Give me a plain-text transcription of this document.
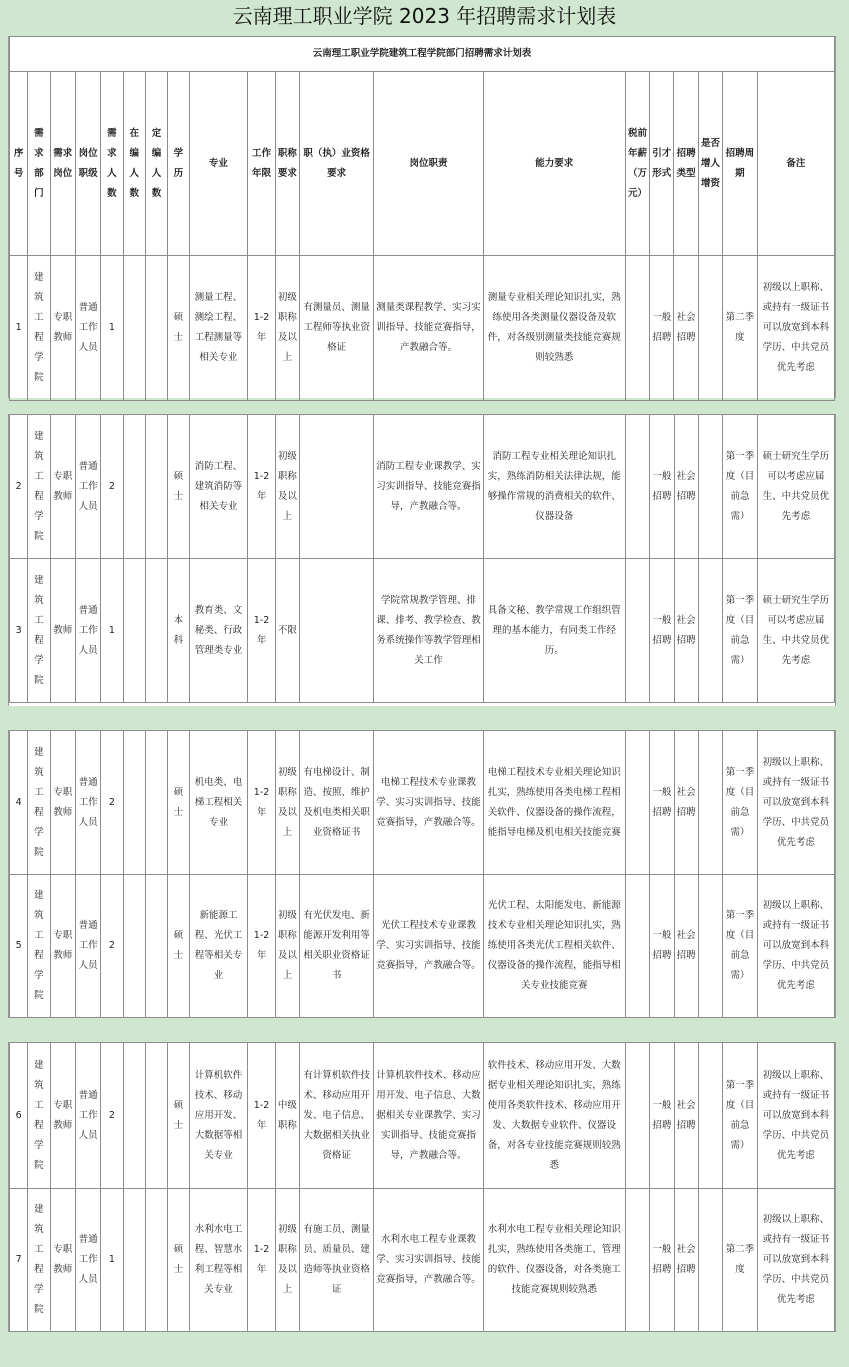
云南理工职业学院 2023 年招聘需求计划表
云南理工职业学院建筑工程学院部门招聘需求计划表																			
序号	需求部门	需求岗位	岗位职级	需求人数	在编人数	定编人数	学历	专业	工作年限	职称要求	职（执）业资格要求	岗位职责	能力要求	税前年薪（万元）	引才形式	招聘类型	是否增人增资	招聘周期	备注
1	建筑工程学院	专职教师	普通工作人员	1			硕士	测量工程、测绘工程、工程测量等相关专业	1-2年	初级职称及以上	有测量员、测量工程师等执业资格证	测量类课程教学、实习实训指导、技能竞赛指导，产教融合等。	测量专业相关理论知识扎实，熟练使用各类测量仪器设备及软件，对各级别测量类技能竞赛规则较熟悉		一般招聘	社会招聘		第二季度	初级以上职称、或持有一级证书可以放宽到本科学历、中共党员优先考虑
2	建筑工程学院	专职教师	普通工作人员	2			硕士	消防工程、建筑消防等相关专业	1-2年	初级职称及以上		消防工程专业课教学、实习实训指导、技能竞赛指导，产教融合等。	消防工程专业相关理论知识扎实，熟练消防相关法律法规，能够操作常规的消费相关的软件、仪器设备		一般招聘	社会招聘		第一季度（目前急需）	硕士研究生学历可以考虑应届生、中共党员优先考虑
3	建筑工程学院	教师	普通工作人员	1			本科	教育类、文秘类、行政管理类专业	1-2年	不限		学院常规教学管理、排课、排考、教学检查、教务系统操作等教学管理相关工作	具备文秘、教学常规工作组织管理的基本能力，有同类工作经历。		一般招聘	社会招聘		第一季度（目前急需）	硕士研究生学历可以考虑应届生、中共党员优先考虑
4	建筑工程学院	专职教师	普通工作人员	2			硕士	机电类、电梯工程相关专业	1-2年	初级职称及以上	有电梯设计、制造、按照、维护及机电类相关职业资格证书	电梯工程技术专业课教学、实习实训指导、技能竞赛指导，产教融合等。	电梯工程技术专业相关理论知识扎实，熟练使用各类电梯工程相关软件、仪器设备的操作流程，能指导电梯及机电相关技能竞赛		一般招聘	社会招聘		第一季度（目前急需）	初级以上职称、或持有一级证书可以放宽到本科学历、中共党员优先考虑
5	建筑工程学院	专职教师	普通工作人员	2			硕士	新能源工程、光伏工程等相关专业	1-2年	初级职称及以上	有光伏发电、新能源开发利用等相关职业资格证书	光伏工程技术专业课教学、实习实训指导、技能竞赛指导，产教融合等。	光伏工程、太阳能发电、新能源技术专业相关理论知识扎实，熟练使用各类光伏工程相关软件、仪器设备的操作流程，能指导相关专业技能竞赛		一般招聘	社会招聘		第一季度（目前急需）	初级以上职称、或持有一级证书可以放宽到本科学历、中共党员优先考虑
6	建筑工程学院	专职教师	普通工作人员	2			硕士	计算机软件技术、移动应用开发、大数据等相关专业	1-2年	中级职称	有计算机软件技术、移动应用开发、电子信息、大数据相关执业资格证	计算机软件技术、移动应用开发、电子信息、大数据相关专业课教学、实习实训指导、技能竞赛指导，产教融合等。	软件技术、移动应用开发、大数据专业相关理论知识扎实，熟练使用各类软件技术、移动应用开发、大数据专业软件、仪器设备，对各专业技能竞赛规则较熟悉		一般招聘	社会招聘		第一季度（目前急需）	初级以上职称、或持有一级证书可以放宽到本科学历、中共党员优先考虑
7	建筑工程学院	专职教师	普通工作人员	1			硕士	水利水电工程、智慧水利工程等相关专业	1-2年	初级职称及以上	有施工员、测量员、质量员、建造师等执业资格证	水利水电工程专业课教学、实习实训指导、技能竞赛指导，产教融合等。	水利水电工程专业相关理论知识扎实，熟练使用各类施工、管理的软件、仪器设备，对各类施工技能竞赛规则较熟悉		一般招聘	社会招聘		第二季度	初级以上职称、或持有一级证书可以放宽到本科学历、中共党员优先考虑
